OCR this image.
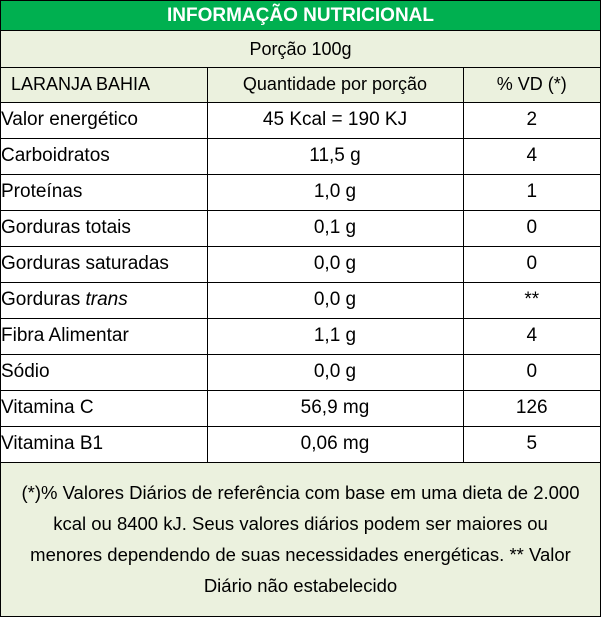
INFORMAÇÃO NUTRICIONAL
Porção 100g
LARANJA BAHIA	Quantidade por porção	% VD (*)
Valor energético	45 Kcal = 190 KJ	2
Carboidratos	11,5 g	4
Proteínas	1,0 g	1
Gorduras totais	0,1 g	0
Gorduras saturadas	0,0 g	0
Gorduras trans	0,0 g	**
Fibra Alimentar	1,1 g	4
Sódio	0,0 g	0
Vitamina C	56,9 mg	126
Vitamina B1	0,06 mg	5
(*)% Valores Diários de referência com base em uma dieta de 2.000 kcal ou 8400 kJ. Seus valores diários podem ser maiores ou menores dependendo de suas necessidades energéticas. ** Valor Diário não estabelecido
